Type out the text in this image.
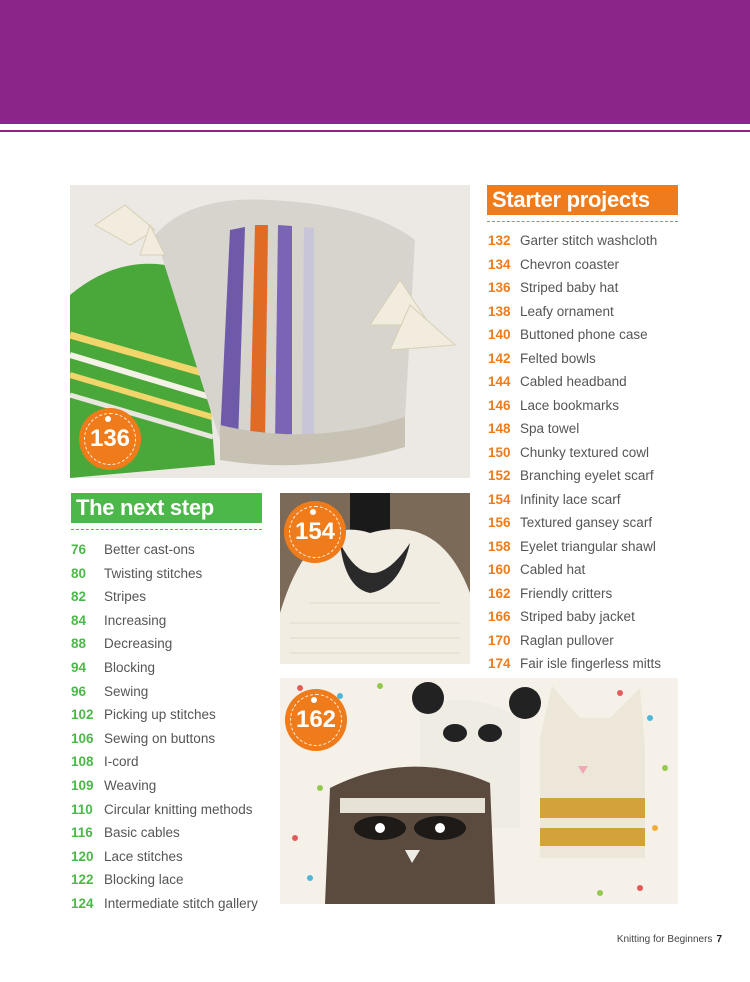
136
Starter projects
132 Garter stitch washcloth
134 Chevron coaster
136 Striped baby hat
138 Leafy ornament
140 Buttoned phone case
142 Felted bowls
144 Cabled headband
146 Lace bookmarks
148 Spa towel
150 Chunky textured cowl
152 Branching eyelet scarf
154 Infinity lace scarf
156 Textured gansey scarf
158 Eyelet triangular shawl
160 Cabled hat
162 Friendly critters
166 Striped baby jacket
170 Raglan pullover
174 Fair isle fingerless mitts
The next step
76	Better cast-ons
80	Twisting stitches
82	Stripes
84	Increasing
88	Decreasing
94	Blocking
96	Sewing
102 Picking up stitches
106 Sewing on buttons
108 I-cord
109 Weaving
110 Circular knitting methods
116 Basic cables
120 Lace stitches
122 Blocking lace
124 Intermediate stitch gallery
154
162
Knitting for Beginners 7
